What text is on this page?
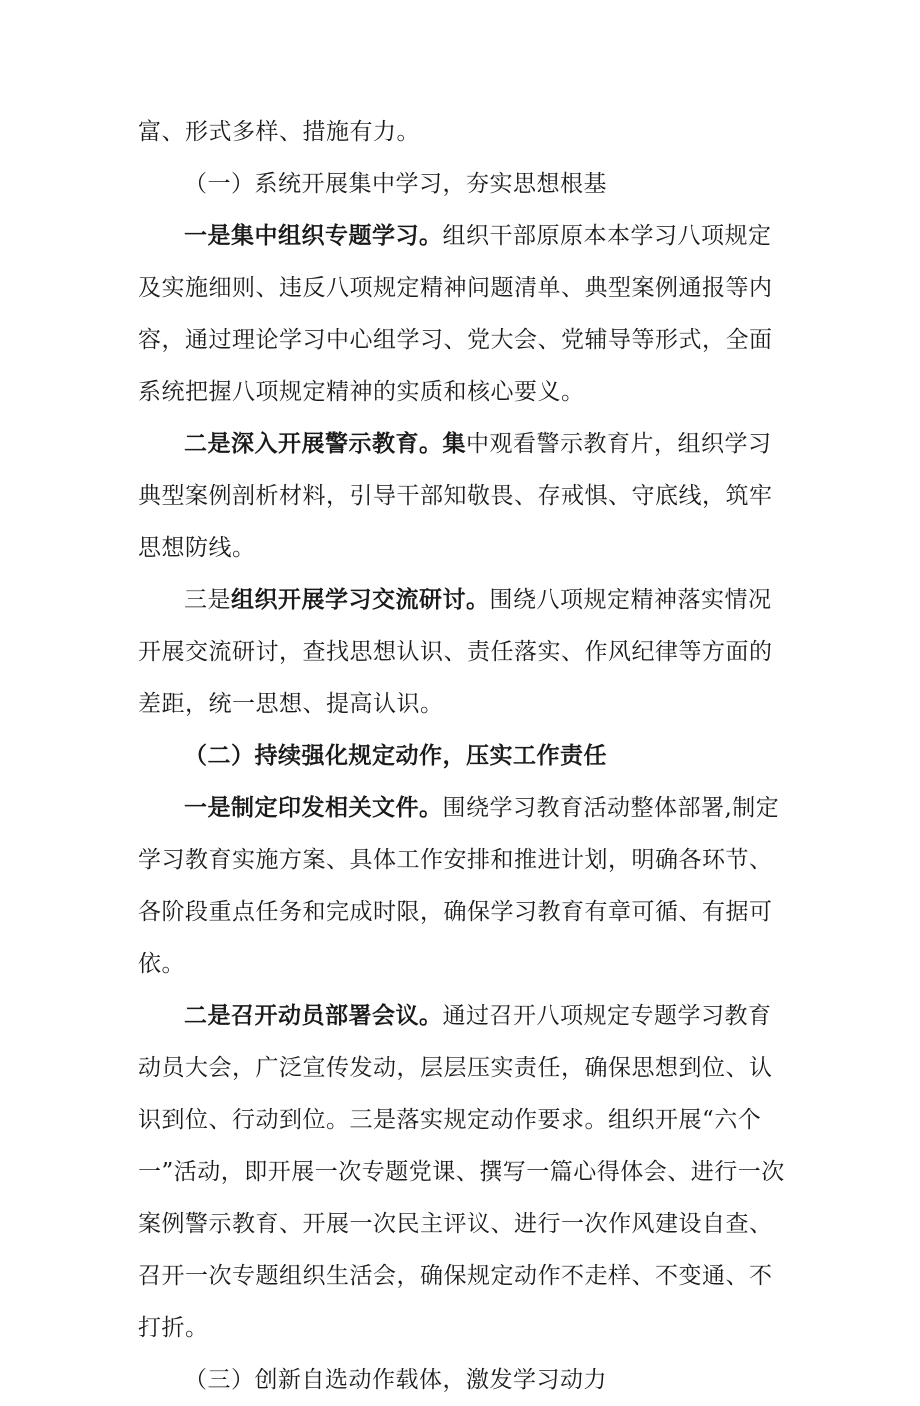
富、形式多样、措施有力。

（一）系统开展集中学习，夯实思想根基

一是集中组织专题学习。组织干部原原本本学习八项规定及实施细则、违反八项规定精神问题清单、典型案例通报等内容，通过理论学习中心组学习、党大会、党辅导等形式，全面系统把握八项规定精神的实质和核心要义。

二是深入开展警示教育。集中观看警示教育片，组织学习典型案例剖析材料，引导干部知敬畏、存戒惧、守底线，筑牢思想防线。

三是组织开展学习交流研讨。围绕八项规定精神落实情况开展交流研讨，查找思想认识、责任落实、作风纪律等方面的差距，统一思想、提高认识。

（二）持续强化规定动作，压实工作责任

一是制定印发相关文件。围绕学习教育活动整体部署,制定学习教育实施方案、具体工作安排和推进计划，明确各环节、各阶段重点任务和完成时限，确保学习教育有章可循、有据可依。

二是召开动员部署会议。通过召开八项规定专题学习教育动员大会，广泛宣传发动，层层压实责任，确保思想到位、认识到位、行动到位。三是落实规定动作要求。组织开展“六个一”活动，即开展一次专题党课、撰写一篇心得体会、进行一次案例警示教育、开展一次民主评议、进行一次作风建设自查、召开一次专题组织生活会，确保规定动作不走样、不变通、不打折。

（三）创新自选动作载体，激发学习动力
